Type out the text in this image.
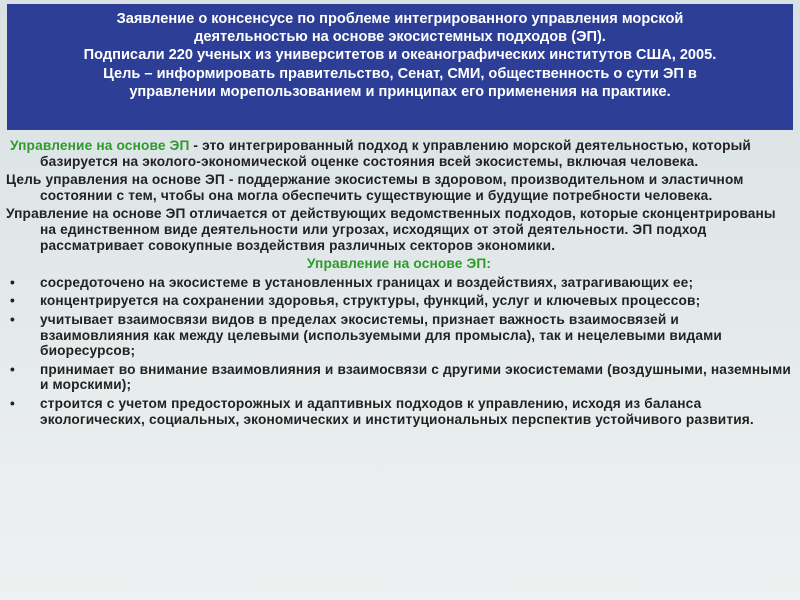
Заявление о консенсусе по проблеме интегрированного управления морской
деятельностью на основе экосистемных подходов (ЭП).
Подписали 220 ученых из университетов и океанографических институтов США, 2005.
Цель – информировать правительство, Сенат, СМИ, общественность о сути ЭП в
управлении морепользованием и принципах его применения на практике.

Управление на основе ЭП - это интегрированный подход к управлению морской деятельностью, который базируется на эколого-экономической оценке состояния всей экосистемы, включая человека.

Цель управления на основе ЭП - поддержание экосистемы в здоровом, производительном и эластичном состоянии с тем, чтобы она могла обеспечить существующие и будущие потребности человека.

Управление на основе ЭП отличается от действующих ведомственных подходов, которые сконцентрированы на единственном виде деятельности или угрозах, исходящих от этой деятельности. ЭП подход рассматривает совокупные воздействия различных секторов экономики.

Управление на основе ЭП:
• сосредоточено на экосистеме в установленных границах и воздействиях, затрагивающих ее;
• концентрируется на сохранении здоровья, структуры, функций, услуг и ключевых процессов;
• учитывает взаимосвязи видов в пределах экосистемы, признает важность взаимосвязей и взаимовлияния как между целевыми (используемыми для промысла), так и нецелевыми видами биоресурсов;
• принимает во внимание взаимовлияния и взаимосвязи с другими экосистемами (воздушными, наземными и морскими);
• строится с учетом предосторожных и адаптивных подходов к управлению, исходя из баланса экологических, социальных, экономических и институциональных перспектив устойчивого развития.
